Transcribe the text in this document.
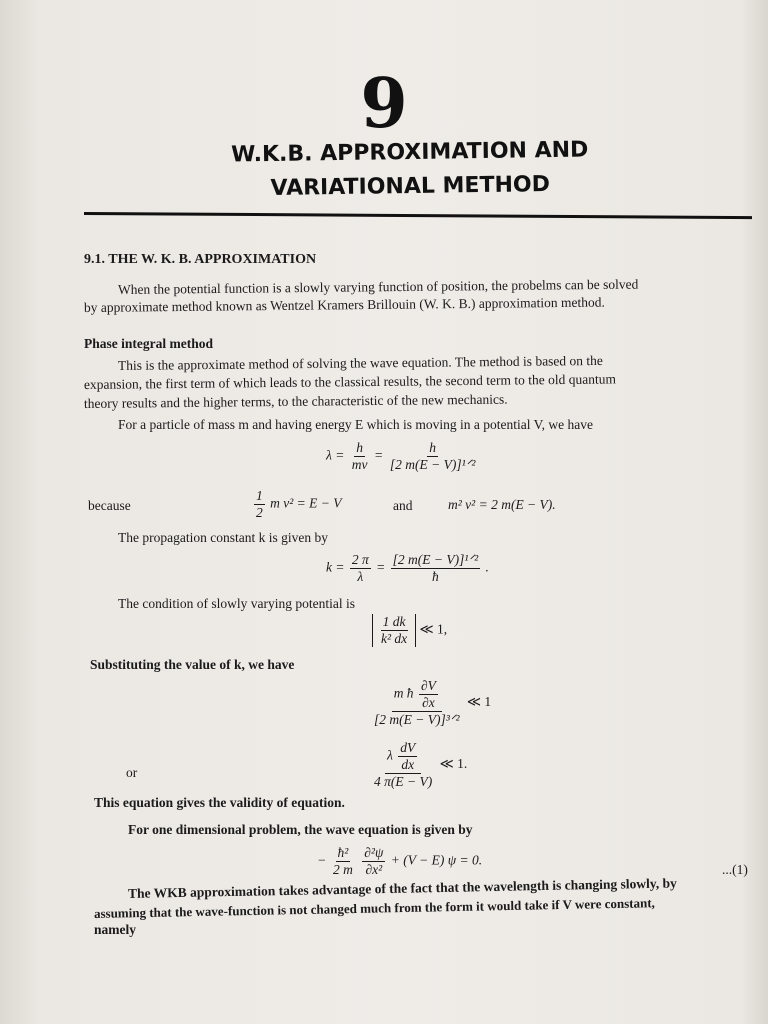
9
W.K.B. APPROXIMATION AND
VARIATIONAL METHOD
9.1. THE W. K. B. APPROXIMATION
When the potential function is a slowly varying function of position, the probelms can be solved
by approximate method known as Wentzel Kramers Brillouin (W. K. B.) approximation method.
Phase integral method
This is the approximate method of solving the wave equation. The method is based on the
expansion, the first term of which leads to the classical results, the second term to the old quantum
theory results and the higher terms, to the characteristic of the new mechanics.
For a particle of mass m and having energy E which is moving in a potential V, we have
$\lambda = \frac{h}{mv} = \frac{h}{\text{[2 m(E − V)]¹ᐟ²}}$
because	$\frac{1}{2}$ m v² = E − V	and	m² v² = 2 m(E − V).
The propagation constant k is given by
$k = \frac{2 \pi}{\lambda} = \frac{\text{[2 m(E − V)]¹ᐟ²}}{ħ}$ .
The condition of slowly varying potential is
$\frac{1 dk}{\text{k² dx}}$ ≪ 1,
Substituting the value of k, we have
$\frac{m ħ \frac{\partial V}{\partial x}}{\text{[2 m(E − V)]³ᐟ²}}$ ≪ 1
or	$\frac{\lambda \frac{dV}{dx}}{4 \pi(E - V)}$ ≪ 1.
This equation gives the validity of equation.
For one dimensional problem, the wave equation is given by
− $\frac{\text{ħ²}}{2 m}$
$\frac{\text{∂²ψ}}{\text{∂x²}} + (V - E) \psi = 0$.
...(1)
The WKB approximation takes advantage of the fact that the wavelength is changing slowly, by
assuming that the wave-function is not changed much from the form it would take if V were constant,
namely
